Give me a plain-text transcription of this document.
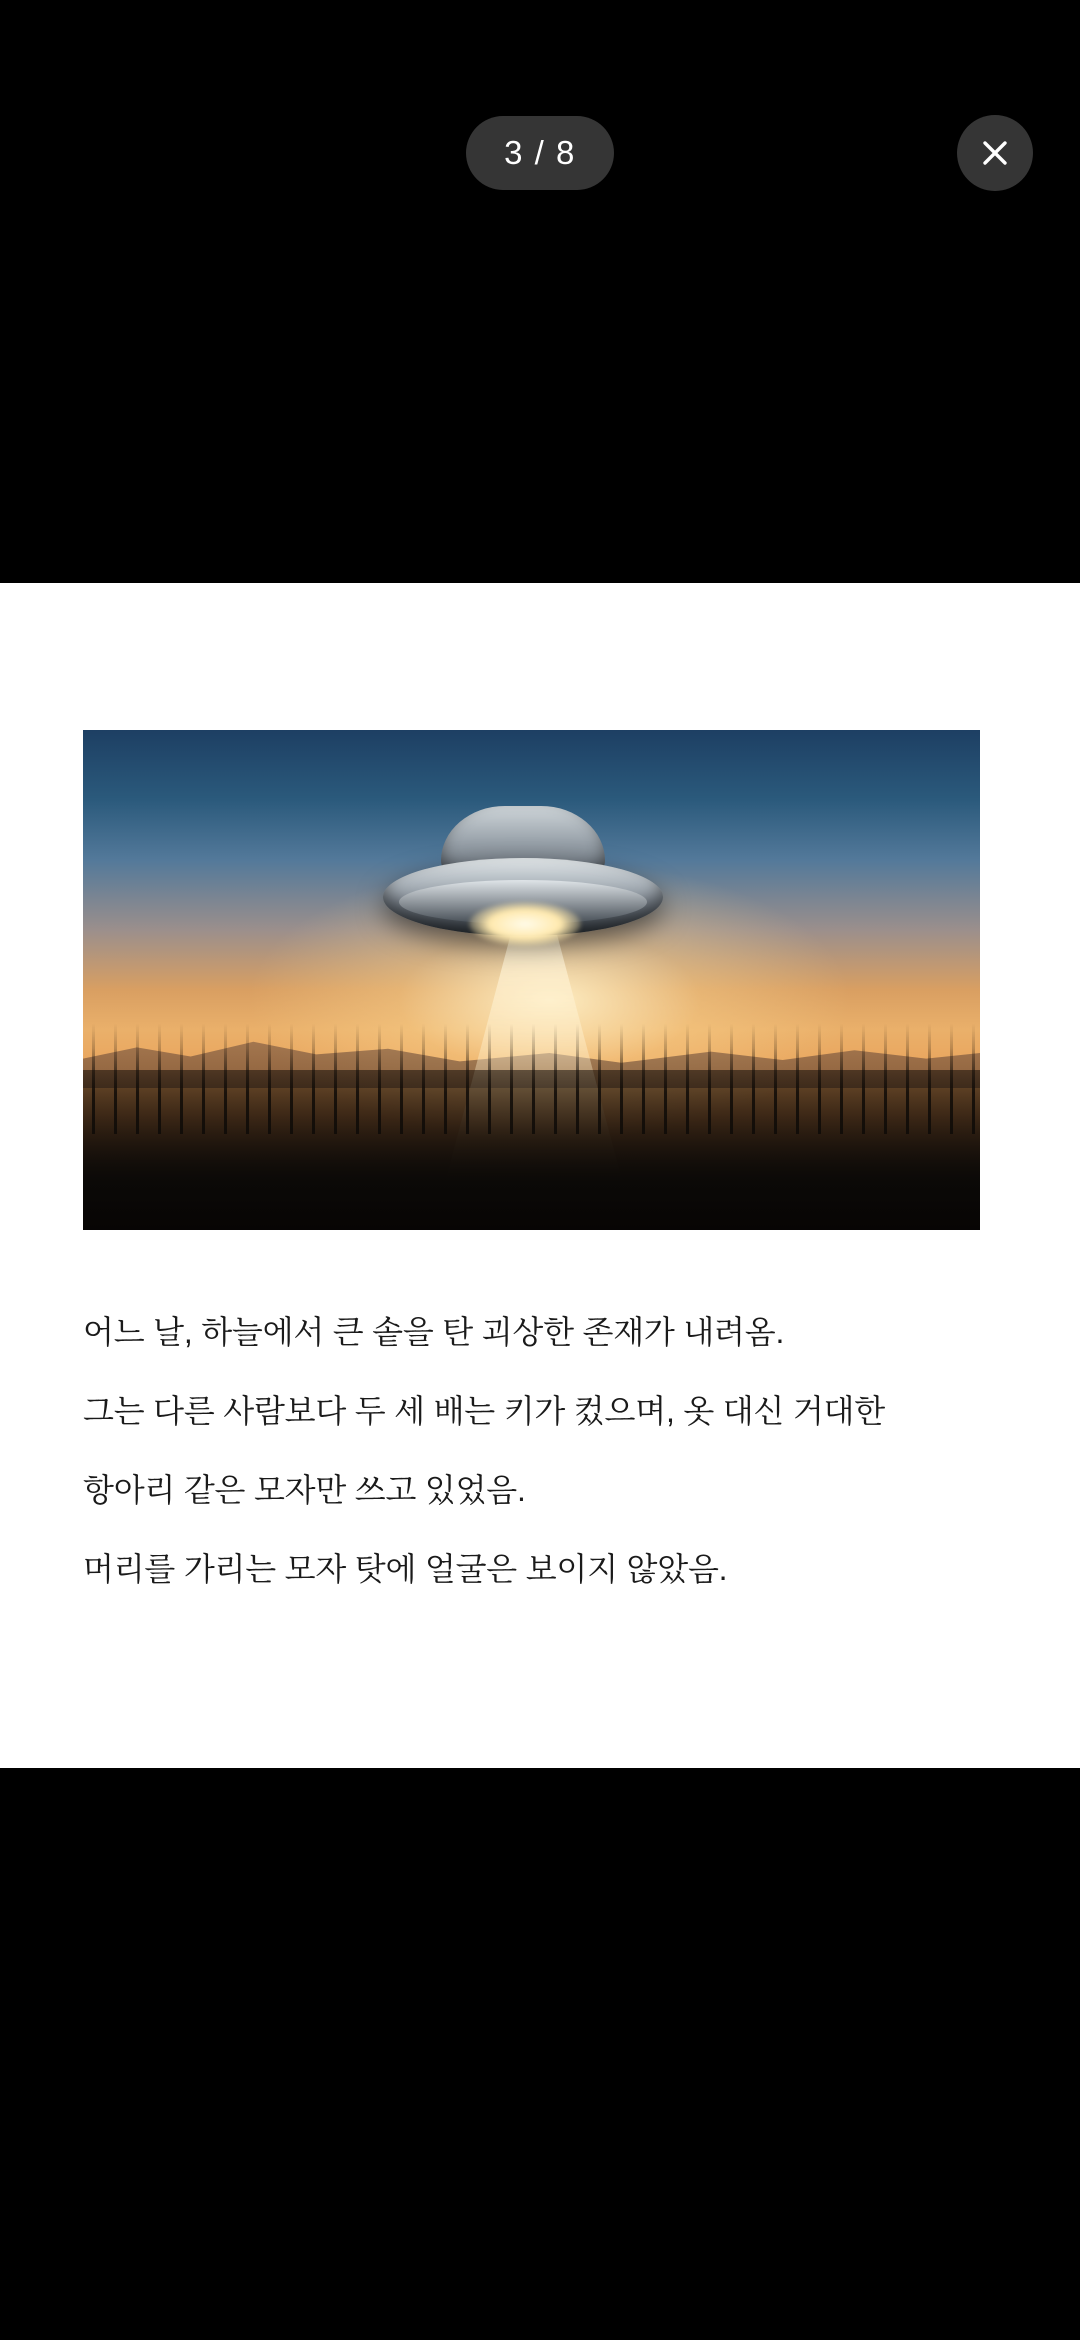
3 / 8
어느 날, 하늘에서 큰 솥을 탄 괴상한 존재가 내려옴.
그는 다른 사람보다 두 세 배는 키가 컸으며, 옷 대신 거대한
항아리 같은 모자만 쓰고 있었음.
머리를 가리는 모자 탓에 얼굴은 보이지 않았음.
